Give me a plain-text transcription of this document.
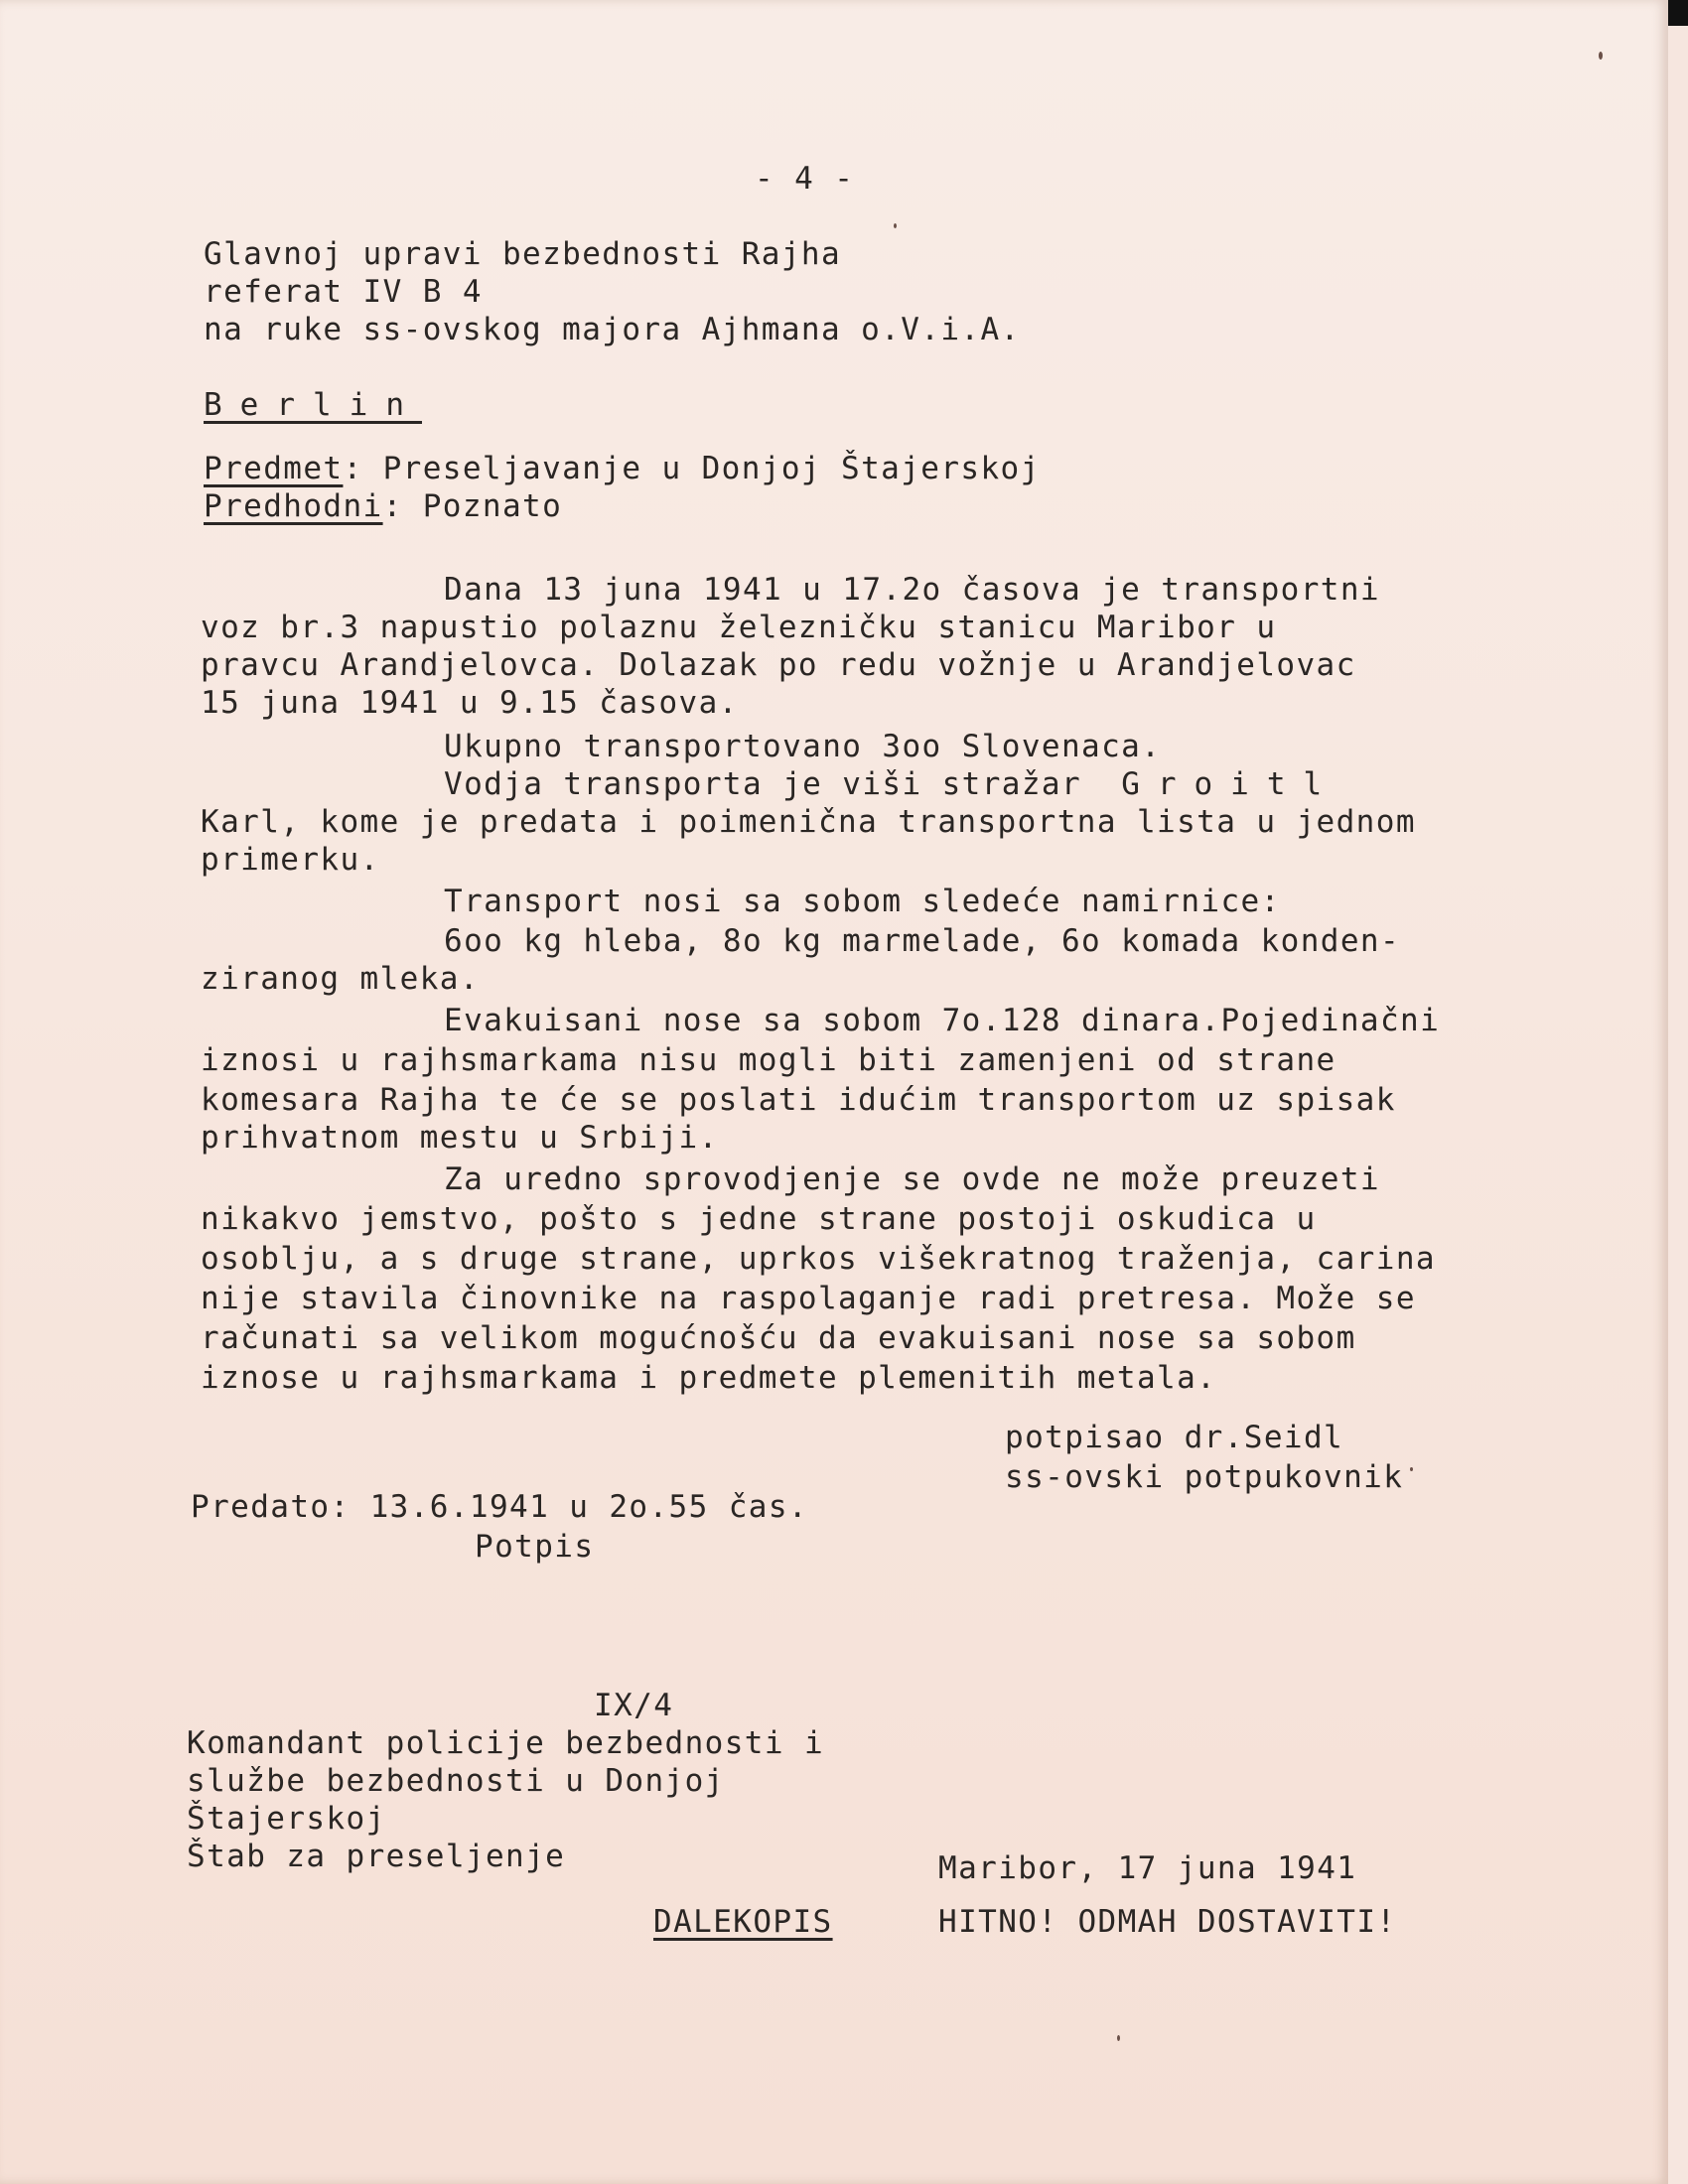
- 4 -
Glavnoj upravi bezbednosti Rajha
referat IV B 4
na ruke ss-ovskog majora Ajhmana o.V.i.A.
Berlin
Predmet: Preseljavanje u Donjoj Štajerskoj
Predhodni: Poznato
Dana 13 juna 1941 u 17.2o časova je transportni
voz br.3 napustio polaznu železničku stanicu Maribor u
pravcu Arandjelovca. Dolazak po redu vožnje u Arandjelovac
15 juna 1941 u 9.15 časova.
Ukupno transportovano 3oo Slovenaca.
Vodja transporta je viši stražar Groitl
Karl, kome je predata i poimenična transportna lista u jednom
primerku.
Transport nosi sa sobom sledeće namirnice:
6oo kg hleba, 8o kg marmelade, 6o komada konden-
ziranog mleka.
Evakuisani nose sa sobom 7o.128 dinara.Pojedinačni
iznosi u rajhsmarkama nisu mogli biti zamenjeni od strane
komesara Rajha te će se poslati idućim transportom uz spisak
prihvatnom mestu u Srbiji.
Za uredno sprovodjenje se ovde ne može preuzeti
nikakvo jemstvo, pošto s jedne strane postoji oskudica u
osoblju, a s druge strane, uprkos višekratnog traženja, carina
nije stavila činovnike na raspolaganje radi pretresa. Može se
računati sa velikom mogućnošću da evakuisani nose sa sobom
iznose u rajhsmarkama i predmete plemenitih metala.
potpisao dr.Seidl
ss-ovski potpukovnik
Predato: 13.6.1941 u 2o.55 čas.
Potpis
IX/4
Komandant policije bezbednosti i
službe bezbednosti u Donjoj
Štajerskoj
Štab za preseljenje	Maribor, 17 juna 1941
DALEKOPIS	HITNO! ODMAH DOSTAVITI!
